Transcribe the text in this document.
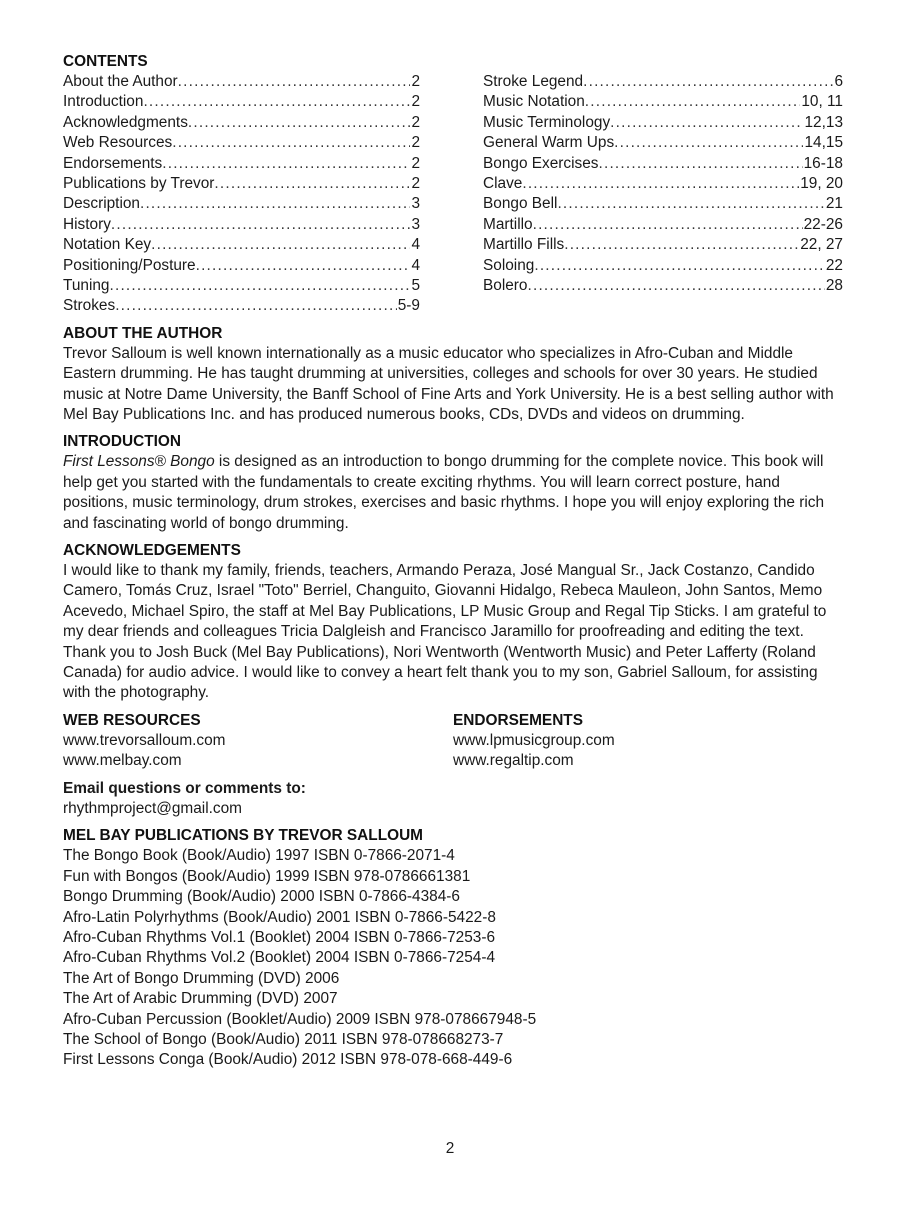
CONTENTS
About the Author .....	2
Introduction .....	2
Acknowledgments .....	2
Web Resources .....	2
Endorsements .....	2
Publications by Trevor .....	2
Description .....	3
History .....	3
Notation Key .....	4
Positioning/Posture .....	4
Tuning .....	5
Strokes .....	5-9
Stroke Legend .....	6
Music Notation .....	10, 11
Music Terminology .....	12,13
General Warm Ups .....	14,15
Bongo Exercises .....	16-18
Clave .....	19, 20
Bongo Bell .....	21
Martillo .....	22-26
Martillo Fills .....	22, 27
Soloing .....	22
Bolero .....	28
ABOUT THE AUTHOR

Trevor Salloum is well known internationally as a music educator who specializes in Afro-Cuban and Middle Eastern drumming. He has taught drumming at universities, colleges and schools for over 30 years. He studied music at Notre Dame University, the Banff School of Fine Arts and York University. He is a best selling author with Mel Bay Publications Inc. and has produced numerous books, CDs, DVDs and videos on drumming.

INTRODUCTION

First Lessons® Bongo is designed as an introduction to bongo drumming for the complete novice. This book will help get you started with the fundamentals to create exciting rhythms. You will learn correct posture, hand positions, music terminology, drum strokes, exercises and basic rhythms. I hope you will enjoy exploring the rich and fascinating world of bongo drumming.

ACKNOWLEDGEMENTS

I would like to thank my family, friends, teachers, Armando Peraza, José Mangual Sr., Jack Costanzo, Candido Camero, Tomás Cruz, Israel "Toto" Berriel, Changuito, Giovanni Hidalgo, Rebeca Mauleon, John Santos, Memo Acevedo, Michael Spiro, the staff at Mel Bay Publications, LP Music Group and Regal Tip Sticks. I am grateful to my dear friends and colleagues Tricia Dalgleish and Francisco Jaramillo for proofreading and editing the text. Thank you to Josh Buck (Mel Bay Publications), Nori Wentworth (Wentworth Music) and Peter Lafferty (Roland Canada) for audio advice. I would like to convey a heart felt thank you to my son, Gabriel Salloum, for assisting with the photography.

WEB RESOURCES

www.trevorsalloum.com

www.melbay.com

ENDORSEMENTS

www.lpmusicgroup.com

www.regaltip.com

Email questions or comments to:

rhythmproject@gmail.com

MEL BAY PUBLICATIONS BY TREVOR SALLOUM

The Bongo Book (Book/Audio) 1997 ISBN 0-7866-2071-4

Fun with Bongos (Book/Audio) 1999 ISBN 978-0786661381

Bongo Drumming (Book/Audio) 2000 ISBN 0-7866-4384-6

Afro-Latin Polyrhythms (Book/Audio) 2001 ISBN 0-7866-5422-8

Afro-Cuban Rhythms Vol.1 (Booklet) 2004 ISBN 0-7866-7253-6

Afro-Cuban Rhythms Vol.2 (Booklet) 2004 ISBN 0-7866-7254-4

The Art of Bongo Drumming (DVD) 2006

The Art of Arabic Drumming (DVD) 2007

Afro-Cuban Percussion (Booklet/Audio) 2009 ISBN 978-078667948-5

The School of Bongo (Book/Audio) 2011 ISBN 978-078668273-7

First Lessons Conga (Book/Audio) 2012 ISBN 978-078-668-449-6

2
